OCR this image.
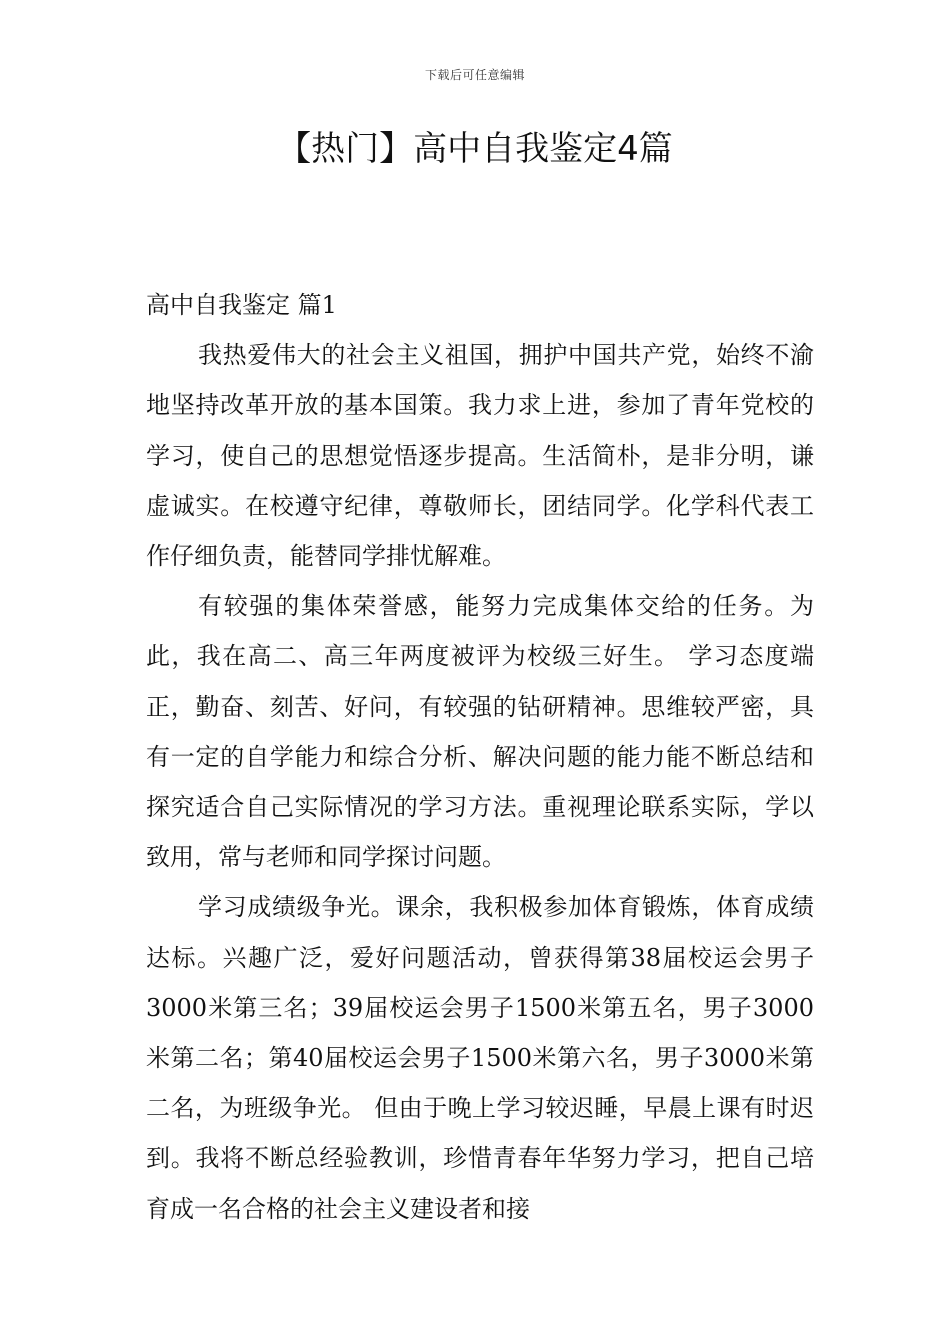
下载后可任意编辑
【热门】高中自我鉴定4篇
高中自我鉴定 篇1

我热爱伟大的社会主义祖国，拥护中国共产党，始终不渝地坚持改革开放的基本国策。我力求上进，参加了青年党校的学习，使自己的思想觉悟逐步提高。生活简朴，是非分明，谦虚诚实。在校遵守纪律，尊敬师长，团结同学。化学科代表工作仔细负责，能替同学排忧解难。

有较强的集体荣誉感，能努力完成集体交给的任务。为此，我在高二、高三年两度被评为校级三好生。 学习态度端正，勤奋、刻苦、好问，有较强的钻研精神。思维较严密，具有一定的自学能力和综合分析、解决问题的能力能不断总结和探究适合自己实际情况的学习方法。重视理论联系实际，学以致用，常与老师和同学探讨问题。

学习成绩级争光。课余，我积极参加体育锻炼，体育成绩达标。兴趣广泛，爱好问题活动，曾获得第38届校运会男子3000米第三名；39届校运会男子1500米第五名，男子3000米第二名；第40届校运会男子1500米第六名，男子3000米第二名，为班级争光。 但由于晚上学习较迟睡，早晨上课有时迟到。我将不断总经验教训，珍惜青春年华努力学习，把自己培育成一名合格的社会主义建设者和接
